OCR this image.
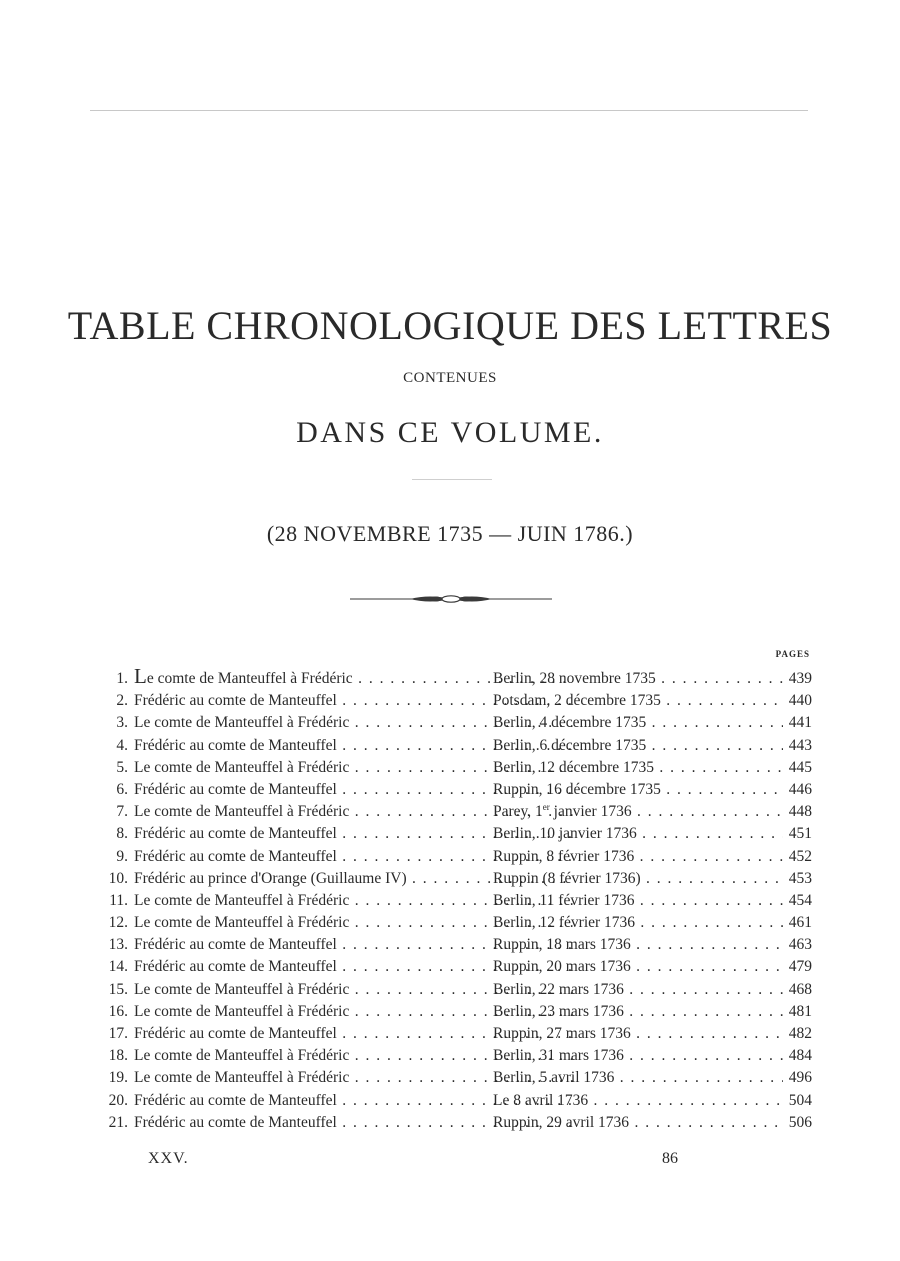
TABLE CHRONOLOGIQUE DES LETTRES
CONTENUES
DANS CE VOLUME.
(28 NOVEMBRE 1735 — JUIN 1786.)
PAGES
1. Le comte de Manteuffel à Frédéric . . .	Berlin, 28 novembre 1735 . . .	439
2. Frédéric au comte de Manteuffel . . .	Potsdam, 2 décembre 1735 . . .	440
3. Le comte de Manteuffel à Frédéric . . .	Berlin, 4 décembre 1735 . . .	441
4. Frédéric au comte de Manteuffel . . .	Berlin, 6 décembre 1735 . . .	443
5. Le comte de Manteuffel à Frédéric . . .	Berlin, 12 décembre 1735 . . .	445
6. Frédéric au comte de Manteuffel . . .	Ruppin, 16 décembre 1735 . . .	446
7. Le comte de Manteuffel à Frédéric . . .	Parey, 1er janvier 1736 . . .	448
8. Frédéric au comte de Manteuffel . . .	Berlin, 10 janvier 1736 . . .	451
9. Frédéric au comte de Manteuffel . . .	Ruppin, 8 février 1736 . . .	452
10. Frédéric au prince d'Orange (Guillaume IV) . . .	Ruppin (8 février 1736) . . .	453
11. Le comte de Manteuffel à Frédéric . . .	Berlin, 11 février 1736 . . .	454
12. Le comte de Manteuffel à Frédéric . . .	Berlin, 12 février 1736 . . .	461
13. Frédéric au comte de Manteuffel . . .	Ruppin, 18 mars 1736 . . .	463
14. Frédéric au comte de Manteuffel . . .	Ruppin, 20 mars 1736 . . .	479
15. Le comte de Manteuffel à Frédéric . . .	Berlin, 22 mars 1736 . . .	468
16. Le comte de Manteuffel à Frédéric . . .	Berlin, 23 mars 1736 . . .	481
17. Frédéric au comte de Manteuffel . . .	Ruppin, 27 mars 1736 . . .	482
18. Le comte de Manteuffel à Frédéric . . .	Berlin, 31 mars 1736 . . .	484
19. Le comte de Manteuffel à Frédéric . . .	Berlin, 5 avril 1736 . . .	496
20. Frédéric au comte de Manteuffel . . .	Le 8 avril 1736 . . .	504
21. Frédéric au comte de Manteuffel . . .	Ruppin, 29 avril 1736 . . .	506
XXV.	86
